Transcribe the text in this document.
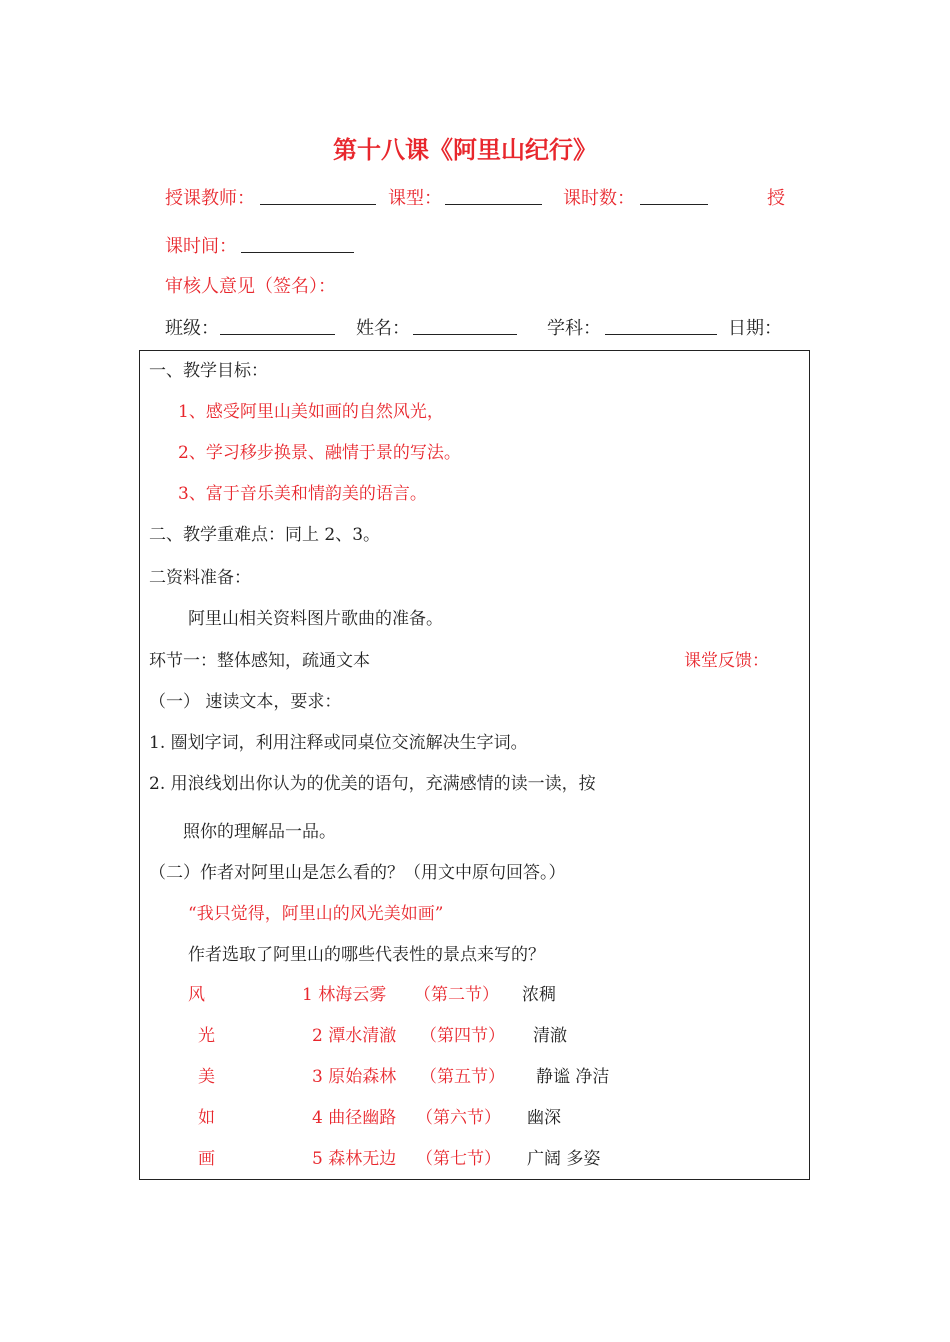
第十八课《阿里山纪行》
授课教师：	课型：	课时数：	授
课时间：
审核人意见（签名）：
班级：	姓名：	学科：	日期：
一、教学目标：
1、感受阿里山美如画的自然风光，
2、学习移步换景、融情于景的写法。
3、富于音乐美和情韵美的语言。
二、教学重难点：同上 2、3。
二资料准备：
阿里山相关资料图片歌曲的准备。
环节一：整体感知，疏通文本	课堂反馈：
（一） 速读文本，要求：
1. 圈划字词，利用注释或同桌位交流解决生字词。
2. 用浪线划出你认为的优美的语句，充满感情的读一读，按
照你的理解品一品。
（二）作者对阿里山是怎么看的？（用文中原句回答。）
“我只觉得，阿里山的风光美如画”
作者选取了阿里山的哪些代表性的景点来写的？
风	1 林海云雾 （第二节） 浓稠
光	2 潭水清澈 （第四节） 清澈
美	3 原始森林 （第五节） 静谧 净洁
如	4 曲径幽路 （第六节） 幽深
画	5 森林无边 （第七节） 广阔 多姿
